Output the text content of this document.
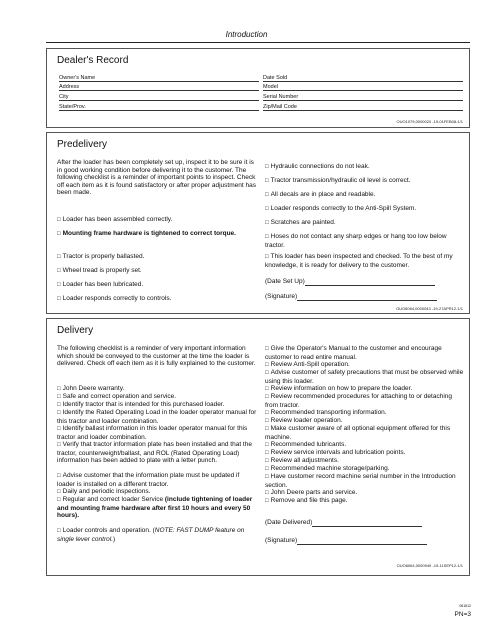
Introduction
Dealer's Record
Owner's Name
Address
City
State/Prov.
Date Sold
Model
Serial Number
Zip/Mail Code
OUO1079,0000020 -19-01FEB08-1/1
Predelivery
After the loader has been completely set up, inspect it to be sure it is in good working condition before delivering it to the customer. The following checklist is a reminder of important points to inspect. Check off each item as it is found satisfactory or after proper adjustment has been made.
□ Loader has been assembled correctly.
□ Mounting frame hardware is tightened to correct torque.
□ Tractor is properly ballasted.
□ Wheel tread is properly set.
□ Loader has been lubricated.
□ Loader responds correctly to controls.
□ Hydraulic connections do not leak.
□ Tractor transmission/hydraulic oil level is correct.
□ All decals are in place and readable.
□ Loader responds correctly to the Anti-Spill System.
□ Scratches are painted.
□ Hoses do not contact any sharp edges or hang too low below tractor.
□ This loader has been inspected and checked. To the best of my knowledge, it is ready for delivery to the customer.
(Date Set Up)
(Signature)
OUO6064,0000043 -19-27APR12-1/1
Delivery
The following checklist is a reminder of very important information which should be conveyed to the customer at the time the loader is delivered. Check off each item as it is fully explained to the customer.
□ John Deere warranty.
□ Safe and correct operation and service.
□ Identify tractor that is intended for this purchased loader.
□ Identify the Rated Operating Load in the loader operator manual for this tractor and loader combination.
□ Identify ballast information in this loader operator manual for this tractor and loader combination.
□ Verify that tractor information plate has been installed and that the tractor, counterweight/ballast, and ROL (Rated Operating Load) information has been added to plate with a letter punch.
□ Advise customer that the information plate must be updated if loader is installed on a different tractor.
□ Daily and periodic inspections.
□ Regular and correct loader Service (include tightening of loader and mounting frame hardware after first 10 hours and every 50 hours).
□ Loader controls and operation. (NOTE: FAST DUMP feature on single lever control.)
□ Give the Operator's Manual to the customer and encourage customer to read entire manual.
□ Review Anti-Spill operation.
□ Advise customer of safety precautions that must be observed while using this loader.
□ Review information on how to prepare the loader.
□ Review recommended procedures for attaching to or detaching from tractor.
□ Recommended transporting information.
□ Review loader operation.
□ Make customer aware of all optional equipment offered for this machine.
□ Recommended lubricants.
□ Review service intervals and lubrication points.
□ Review all adjustments.
□ Recommended machine storage/parking.
□ Have customer record machine serial number in the Introduction section.
□ John Deere parts and service.
□ Remove and file this page.
(Date Delivered)
(Signature)
OUO6064,0000949 -19-11SEP12-1/1
061812
PN=3
